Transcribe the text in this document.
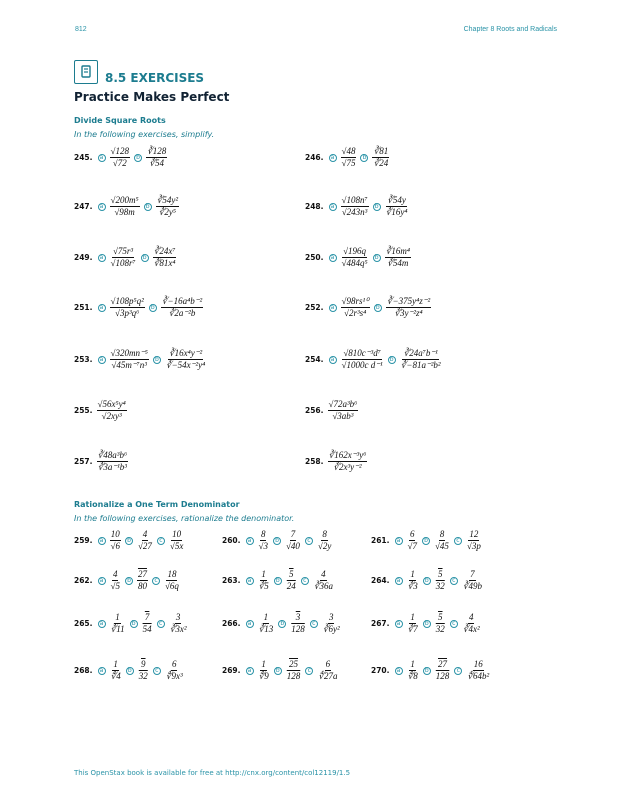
812	Chapter 8 Roots and Radicals
8.5 EXERCISES
Practice Makes Perfect
Divide Square Roots
In the following exercises, simplify.
245.	a $\frac{√128}{√72}$	b $\frac{∛128}{∛54}$	246.	a $\frac{√48}{√75}$	b $\frac{∛81}{∛24}$
247.	a $\frac{\text{√200m⁵}}{√98m}$	b $\frac{\text{∛54y²}}{\text{∛2y⁵}}$	248.	a $\frac{\text{√108n⁷}}{\text{√243n³}}$	b $\frac{∛54y}{\text{∛16y⁴}}$
249.	a $\frac{\text{√75r³}}{\text{√108r⁷}}$	b $\frac{\text{∛24x⁷}}{\text{∛81x⁴}}$	250.	a $\frac{√196q}{\text{√484q⁵}}$	b $\frac{\text{∛16m⁴}}{∛54m}$
251.	a $\frac{\text{√108p⁵q²}}{\text{√3p³q⁶}}$	b $\frac{\text{∛−16a⁴b⁻²}}{\text{∛2a⁻²b}}$	252.	a $\frac{\text{√98rs¹⁰}}{\text{√2r³s⁴}}$	b $\frac{\text{∛−375y⁴z⁻²}}{\text{∛3y⁻²z⁴}}$
253.	a $\frac{\text{√320mn⁻⁵}}{\text{√45m⁻⁷n³}}$	b $\frac{\text{∛16x⁴y⁻²}}{\text{∛−54x⁻²y⁴}}$	254.	a $\frac{\text{√810c⁻³d⁷}}{\text{√1000c d⁻¹}}$	b $\frac{\text{∛24a⁷b⁻¹}}{\text{∛−81a⁻²b²}}$
255. $\frac{\text{√56x⁵y⁴}}{\text{√2xy³}}$	256. $\frac{\text{√72a³b⁶}}{\text{√3ab³}}$
257. $\frac{\text{∛48a³b⁶}}{\text{∛3a⁻¹b³}}$	258. $\frac{\text{∛162x⁻³y⁶}}{\text{∛2x³y⁻²}}$
Rationalize a One Term Denominator
In the following exercises, rationalize the denominator.
259.	a $\frac{10}{√6}$	b $\frac{4}{√27}$	c $\frac{10}{√5x}$	260.	a $\frac{8}{√3}$	b $\frac{7}{√40}$	c $\frac{8}{√2y}$	261.	a $\frac{6}{√7}$	b $\frac{8}{√45}$	c $\frac{12}{√3p}$
262.	a $\frac{4}{√5}$	b $\frac{27}{80}$	c $\frac{18}{√6q}$	263.	a $\frac{1}{∛5}$	b $\frac{5}{24}$	c $\frac{4}{∛36a}$	264.	a $\frac{1}{∛3}$	b $\frac{5}{32}$	c $\frac{7}{∛49b}$
265.	a $\frac{1}{∛11}$	b $\frac{7}{54}$	c $\frac{3}{\text{∛3x²}}$	266.	a $\frac{1}{∛13}$	b $\frac{3}{128}$	c $\frac{3}{\text{∛6y²}}$	267.	a $\frac{1}{∛7}$	b $\frac{5}{32}$	c $\frac{4}{\text{∛4x²}}$
268.	a $\frac{1}{∜4}$	b $\frac{9}{32}$	c $\frac{6}{\text{∜9x³}}$	269.	a $\frac{1}{∜9}$	b $\frac{25}{128}$	c $\frac{6}{∜27a}$	270.	a $\frac{1}{∜8}$	b $\frac{27}{128}$	c $\frac{16}{\text{∜64b²}}$
This OpenStax book is available for free at http://cnx.org/content/col12119/1.5
